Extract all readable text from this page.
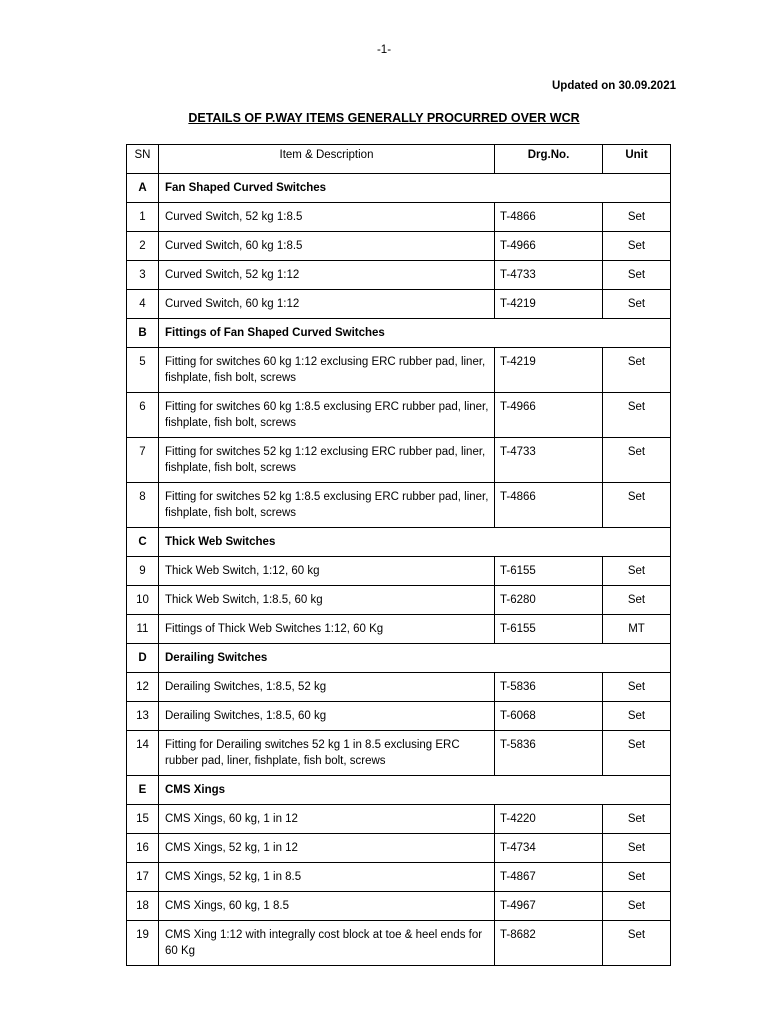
-1-
Updated on 30.09.2021
DETAILS OF P.WAY ITEMS GENERALLY PROCURRED OVER WCR
SN	Item & Description	Drg.No.	Unit
A	Fan Shaped Curved Switches		
1	Curved Switch, 52 kg 1:8.5	T-4866	Set
2	Curved Switch, 60 kg 1:8.5	T-4966	Set
3	Curved Switch, 52 kg 1:12	T-4733	Set
4	Curved Switch, 60 kg 1:12	T-4219	Set
B	Fittings of Fan Shaped Curved Switches		
5	Fitting for switches 60 kg 1:12 exclusing ERC rubber pad, liner, fishplate, fish bolt, screws	T-4219	Set
6	Fitting for switches 60 kg 1:8.5 exclusing ERC rubber pad, liner, fishplate, fish bolt, screws	T-4966	Set
7	Fitting for switches 52 kg 1:12 exclusing ERC rubber pad, liner, fishplate, fish bolt, screws	T-4733	Set
8	Fitting for switches 52 kg 1:8.5 exclusing ERC rubber pad, liner, fishplate, fish bolt, screws	T-4866	Set
C	Thick Web Switches		
9	Thick Web Switch, 1:12, 60 kg	T-6155	Set
10	Thick Web Switch, 1:8.5, 60 kg	T-6280	Set
11	Fittings of Thick Web Switches 1:12, 60 Kg	T-6155	MT
D	Derailing Switches		
12	Derailing Switches, 1:8.5, 52 kg	T-5836	Set
13	Derailing Switches, 1:8.5, 60 kg	T-6068	Set
14	Fitting for Derailing switches 52 kg 1 in 8.5 exclusing ERC rubber pad, liner, fishplate, fish bolt, screws	T-5836	Set
E	CMS Xings		
15	CMS Xings, 60 kg, 1 in 12	T-4220	Set
16	CMS Xings, 52 kg, 1 in 12	T-4734	Set
17	CMS Xings, 52 kg, 1 in 8.5	T-4867	Set
18	CMS Xings, 60 kg, 1 8.5	T-4967	Set
19	CMS Xing 1:12 with integrally cost block at toe & heel ends for 60 Kg	T-8682	Set
